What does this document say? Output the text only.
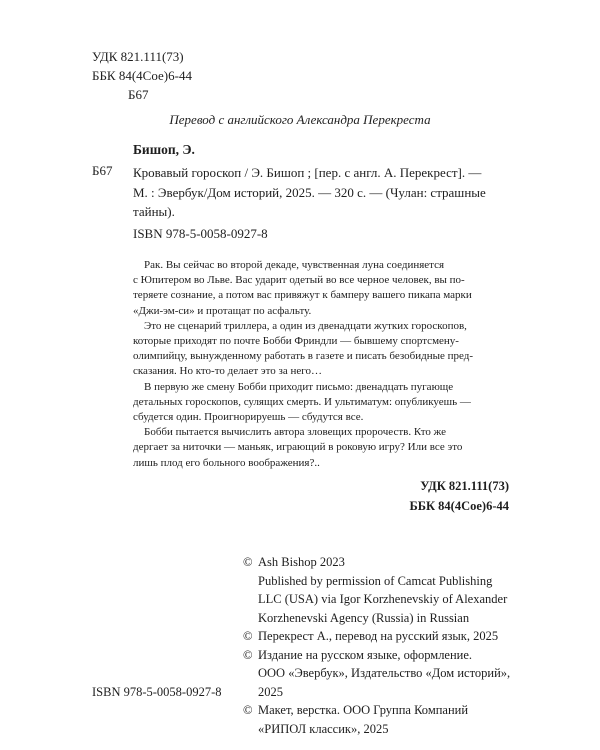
УДК 821.111(73)
ББК 84(4Сое)6-44
Б67
Перевод с английского Александра Перекреста
Бишоп, Э.
Б67 Кровавый гороскоп / Э. Бишоп ; [пер. с англ. А. Перекрест]. —
М. : Эвербук/Дом историй, 2025. — 320 с. — (Чулан: страшные
тайны).
ISBN 978-5-0058-0927-8

Рак. Вы сейчас во второй декаде, чувственная луна соединяется
с Юпитером во Льве. Вас ударит одетый во все черное человек, вы по-
теряете сознание, а потом вас привяжут к бамперу вашего пикапа марки
«Джи-эм-си» и протащат по асфальту.

Это не сценарий триллера, а один из двенадцати жутких гороскопов,
которые приходят по почте Бобби Фриндли — бывшему спортсмену-
олимпийцу, вынужденному работать в газете и писать безобидные пред-
сказания. Но кто-то делает это за него…

В первую же смену Бобби приходит письмо: двенадцать пугающе
детальных гороскопов, сулящих смерть. И ультиматум: опубликуешь —
сбудется один. Проигнорируешь — сбудутся все.

Бобби пытается вычислить автора зловещих пророчеств. Кто же
дергает за ниточки — маньяк, играющий в роковую игру? Или все это
лишь плод его больного воображения?..

УДК 821.111(73)
ББК 84(4Сое)6-44
© Ash Bishop 2023
Published by permission of Camcat Publishing
LLC (USA) via Igor Korzhenevskiy of Alexander
Korzhenevski Agency (Russia) in Russian
© Перекрест А., перевод на русский язык, 2025
© Издание на русском языке, оформление.
ООО «Эвербук», Издательство «Дом историй»,
2025
© Макет, верстка. ООО Группа Компаний
«РИПОЛ классик», 2025
ISBN 978-5-0058-0927-8
